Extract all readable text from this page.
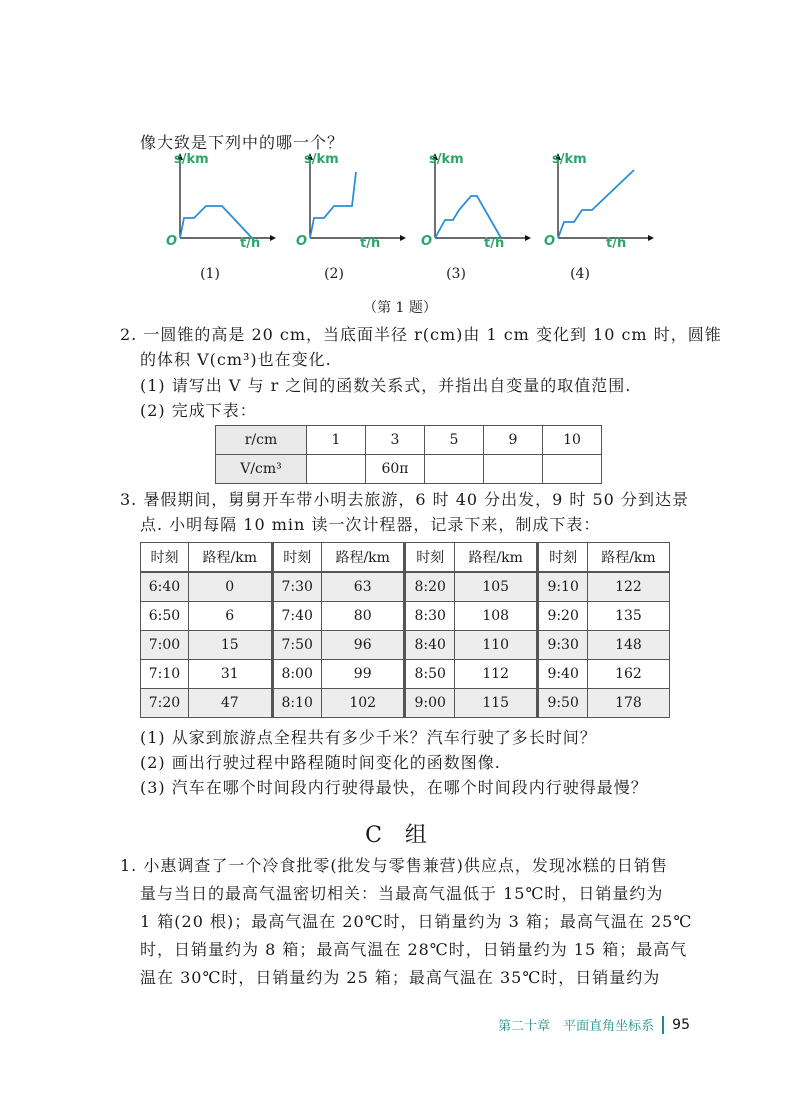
像大致是下列中的哪一个？
s/km
O	t/h
s/km
O	t/h
s/km
O	t/h
s/km
O	t/h
(1)	(2)	(3)	(4)
（第 1 题）
2. 一圆锥的高是 20 cm，当底面半径 r(cm)由 1 cm 变化到 10 cm 时，圆锥
的体积 V(cm³)也在变化.
(1) 请写出 V 与 r 之间的函数关系式，并指出自变量的取值范围.
(2) 完成下表：
r/cm	1	3	5	9	10
V/cm³		60π			
3. 暑假期间，舅舅开车带小明去旅游，6 时 40 分出发，9 时 50 分到达景
点. 小明每隔 10 min 读一次计程器，记录下来，制成下表：
时刻	路程/km	时刻	路程/km	时刻	路程/km	时刻	路程/km
6:40	0	7:30	63	8:20	105	9:10	122
6:50	6	7:40	80	8:30	108	9:20	135
7:00	15	7:50	96	8:40	110	9:30	148
7:10	31	8:00	99	8:50	112	9:40	162
7:20	47	8:10	102	9:00	115	9:50	178
(1) 从家到旅游点全程共有多少千米？汽车行驶了多长时间？
(2) 画出行驶过程中路程随时间变化的函数图像.
(3) 汽车在哪个时间段内行驶得最快，在哪个时间段内行驶得最慢？
C 组
1. 小惠调查了一个冷食批零(批发与零售兼营)供应点，发现冰糕的日销售
量与当日的最高气温密切相关：当最高气温低于 15℃时，日销量约为
1 箱(20 根)；最高气温在 20℃时，日销量约为 3 箱；最高气温在 25℃
时，日销量约为 8 箱；最高气温在 28℃时，日销量约为 15 箱；最高气
温在 30℃时，日销量约为 25 箱；最高气温在 35℃时，日销量约为
第二十章　平面直角坐标系 95
